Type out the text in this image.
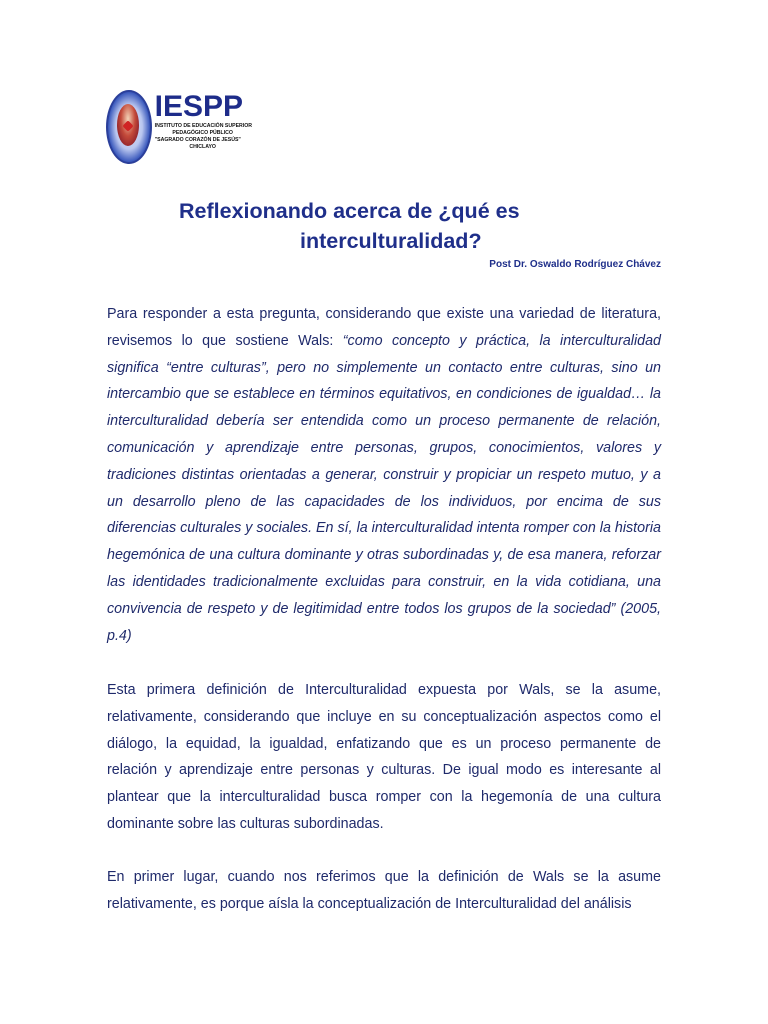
IESPP
INSTITUTO DE EDUCACIÓN SUPERIOR
PEDAGÓGICO PÚBLICO
"SAGRADO CORAZÓN DE JESÚS"
CHICLAYO
Reflexionando acerca de ¿qué es
interculturalidad?
Post Dr. Oswaldo Rodríguez Chávez

Para responder a esta pregunta, considerando que existe una variedad de literatura, revisemos lo que sostiene Wals: “como concepto y práctica, la interculturalidad significa “entre culturas”, pero no simplemente un contacto entre culturas, sino un intercambio que se establece en términos equitativos, en condiciones de igualdad… la interculturalidad debería ser entendida como un proceso permanente de relación, comunicación y aprendizaje entre personas, grupos, conocimientos, valores y tradiciones distintas orientadas a generar, construir y propiciar un respeto mutuo, y a un desarrollo pleno de las capacidades de los individuos, por encima de sus diferencias culturales y sociales. En sí, la interculturalidad intenta romper con la historia hegemónica de una cultura dominante y otras subordinadas y, de esa manera, reforzar las identidades tradicionalmente excluidas para construir, en la vida cotidiana, una convivencia de respeto y de legitimidad entre todos los grupos de la sociedad” (2005, p.4)

Esta primera definición de Interculturalidad expuesta por Wals, se la asume, relativamente, considerando que incluye en su conceptualización aspectos como el diálogo, la equidad, la igualdad, enfatizando que es un proceso permanente de relación y aprendizaje entre personas y culturas. De igual modo es interesante al plantear que la interculturalidad busca romper con la hegemonía de una cultura dominante sobre las culturas subordinadas.

En primer lugar, cuando nos referimos que la definición de Wals se la asume relativamente, es porque aísla la conceptualización de Interculturalidad del análisis
